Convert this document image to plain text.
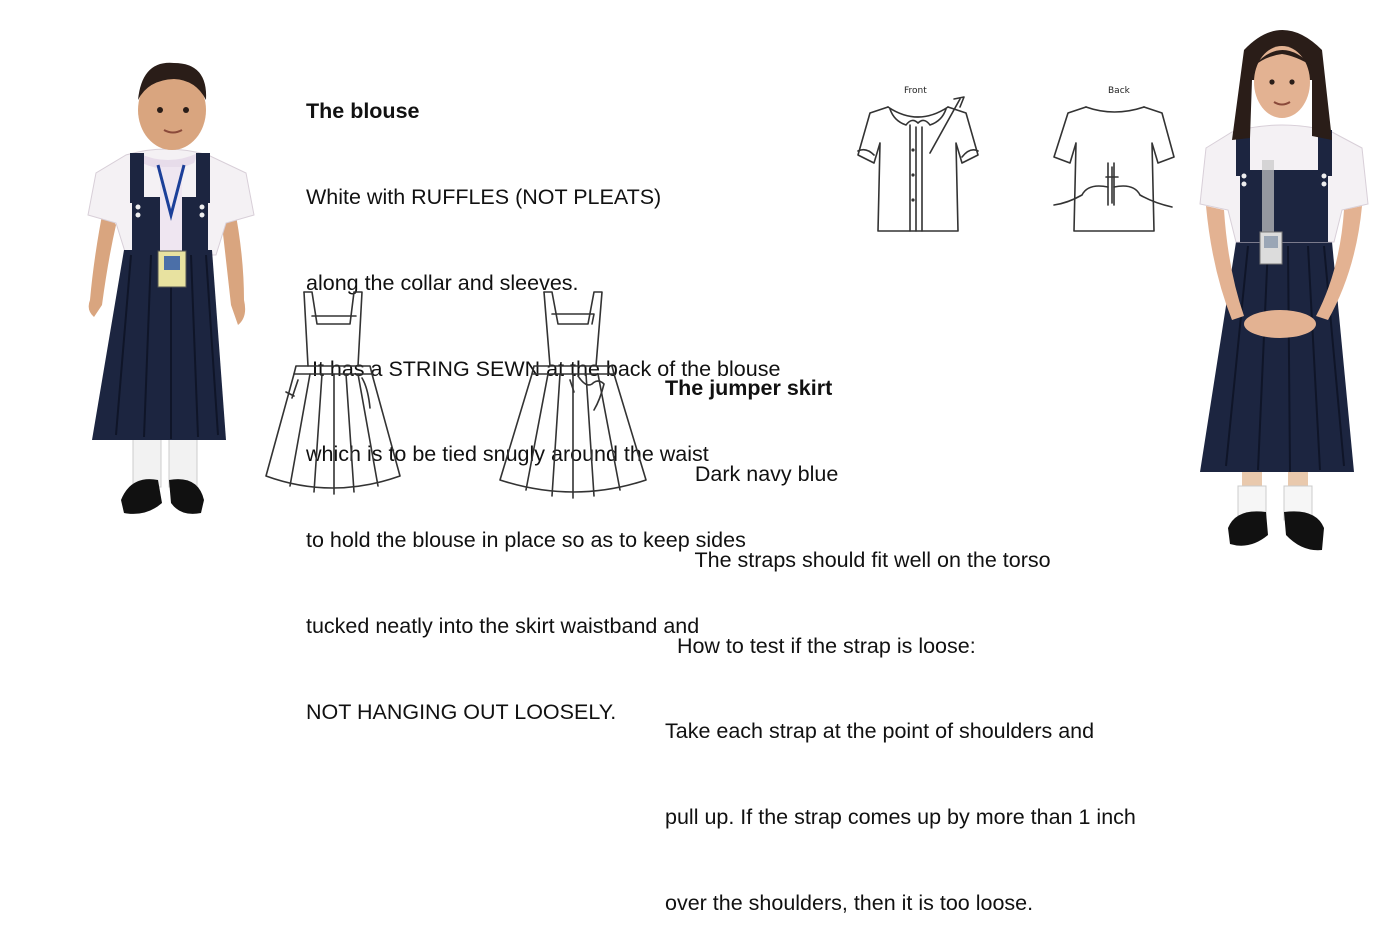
The blouse

White with RUFFLES (NOT PLEATS)

along the collar and sleeves.

It has a STRING SEWN at the back of the blouse

which is to be tied snugly around the waist

to hold the blouse in place so as to keep sides

tucked neatly into the skirt waistband and

NOT HANGING OUT LOOSELY.

Front	Back

The jumper skirt

Dark navy blue

The straps should fit well on the torso

How to test if the strap is loose:

Take each strap at the point of shoulders and

pull up. If the strap comes up by more than 1 inch

over the shoulders, then it is too loose.
